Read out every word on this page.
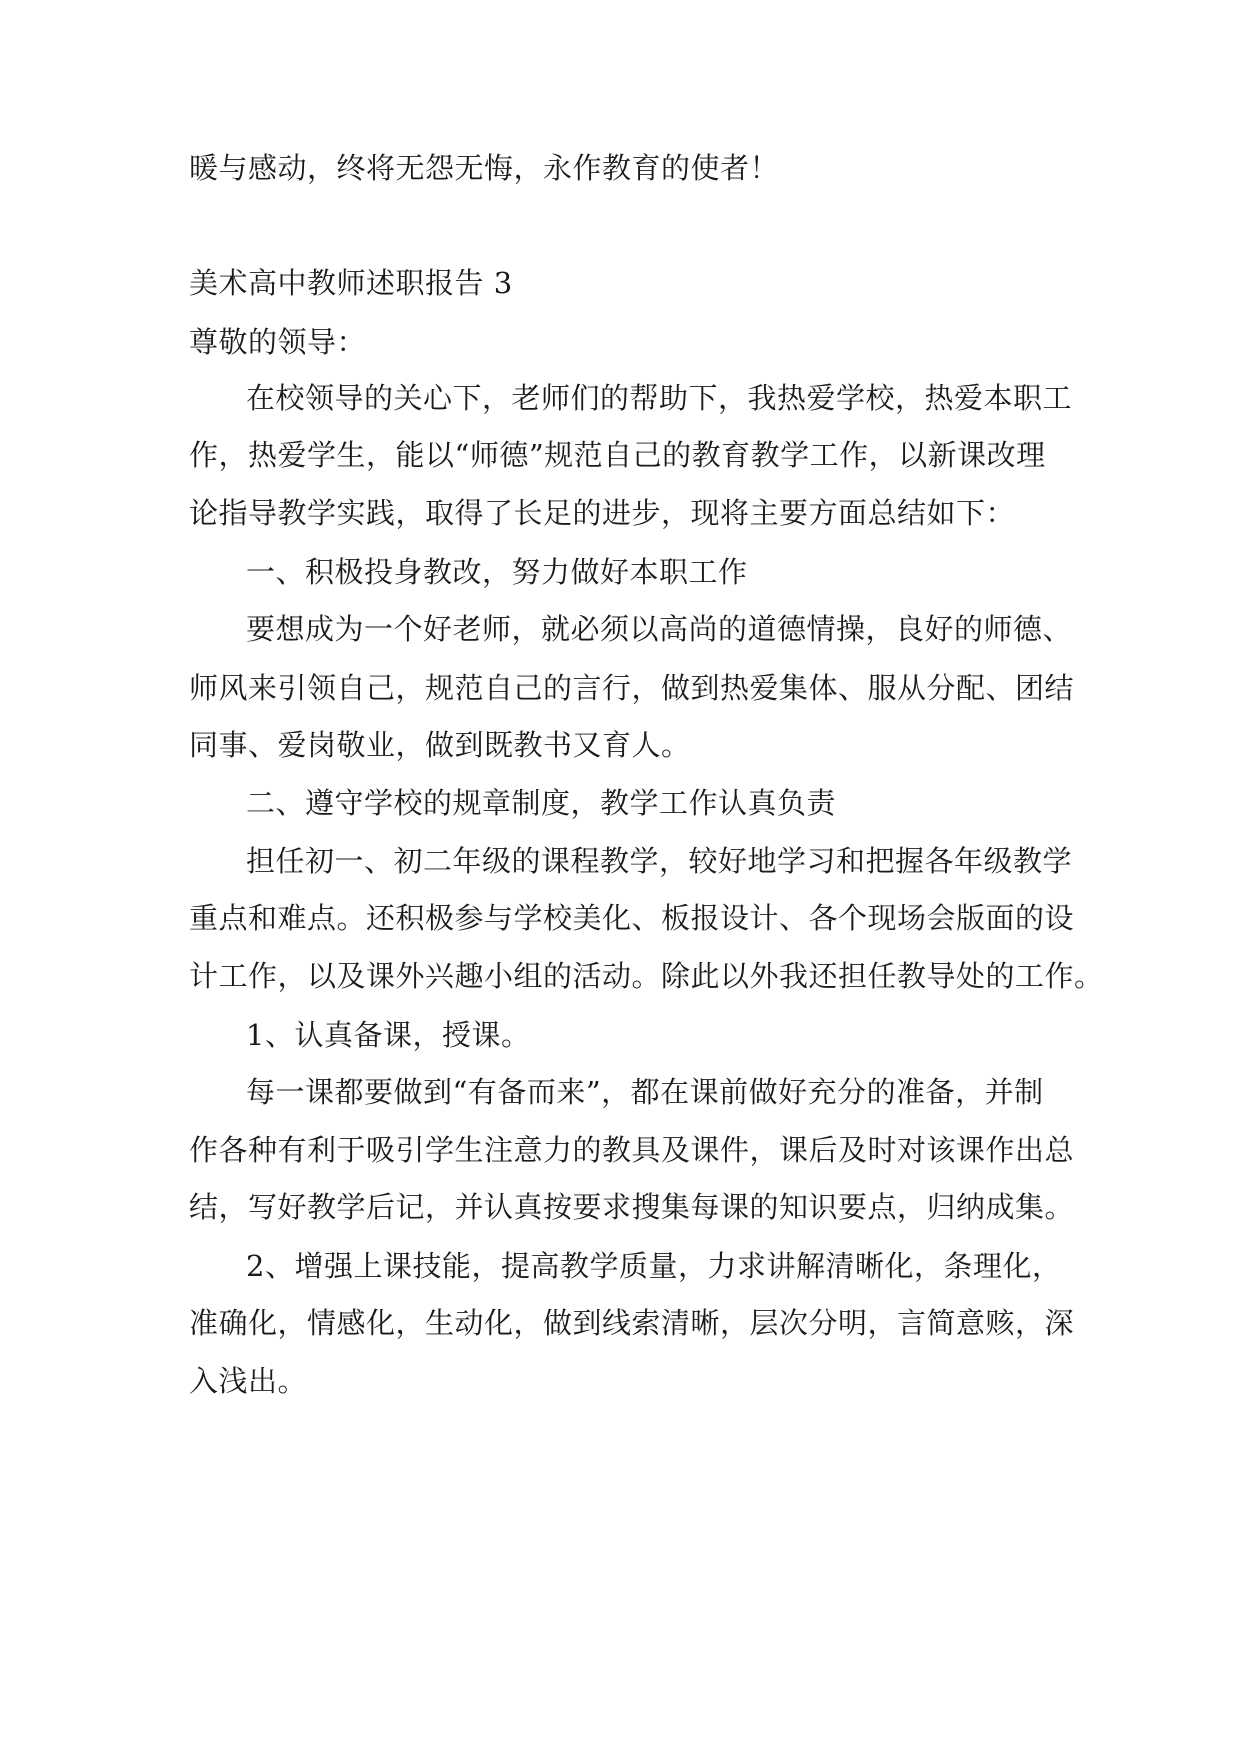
暖与感动，终将无怨无悔，永作教育的使者！
美术高中教师述职报告 3
尊敬的领导：
在校领导的关心下，老师们的帮助下，我热爱学校，热爱本职工
作，热爱学生，能以“师德”规范自己的教育教学工作，以新课改理
论指导教学实践，取得了长足的进步，现将主要方面总结如下：
一、积极投身教改，努力做好本职工作
要想成为一个好老师，就必须以高尚的道德情操，良好的师德、
师风来引领自己，规范自己的言行，做到热爱集体、服从分配、团结
同事、爱岗敬业，做到既教书又育人。
二、遵守学校的规章制度，教学工作认真负责
担任初一、初二年级的课程教学，较好地学习和把握各年级教学
重点和难点。还积极参与学校美化、板报设计、各个现场会版面的设
计工作，以及课外兴趣小组的活动。除此以外我还担任教导处的工作。
1、认真备课，授课。
每一课都要做到“有备而来”，都在课前做好充分的准备，并制
作各种有利于吸引学生注意力的教具及课件，课后及时对该课作出总
结，写好教学后记，并认真按要求搜集每课的知识要点，归纳成集。
2、增强上课技能，提高教学质量，力求讲解清晰化，条理化，
准确化，情感化，生动化，做到线索清晰，层次分明，言简意赅，深
入浅出。
